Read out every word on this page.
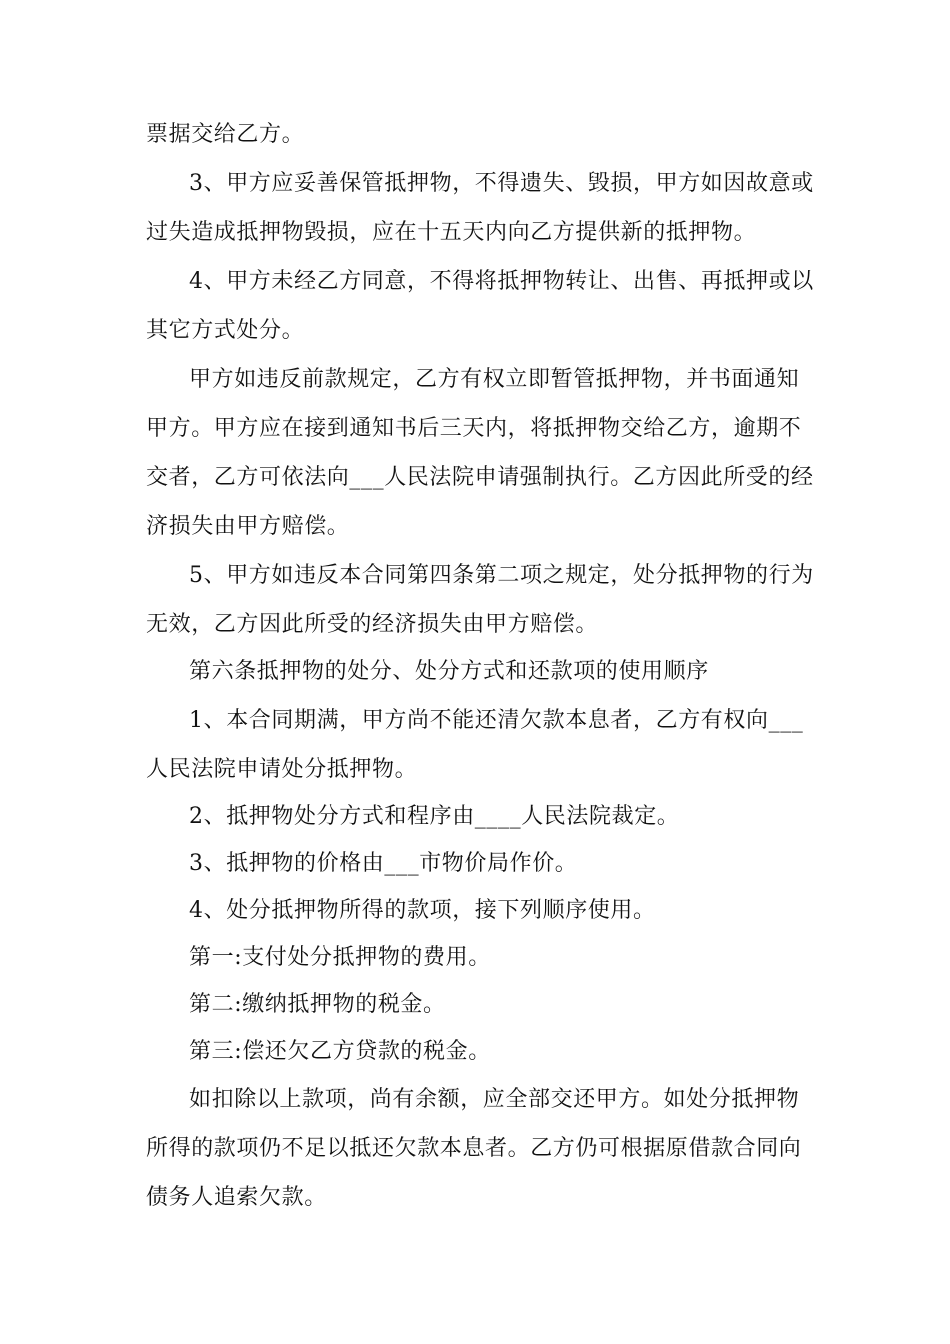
票据交给乙方。
3、甲方应妥善保管抵押物，不得遗失、毁损，甲方如因故意或
过失造成抵押物毁损，应在十五天内向乙方提供新的抵押物。
4、甲方未经乙方同意，不得将抵押物转让、出售、再抵押或以
其它方式处分。
甲方如违反前款规定，乙方有权立即暂管抵押物，并书面通知
甲方。甲方应在接到通知书后三天内，将抵押物交给乙方，逾期不
交者，乙方可依法向___人民法院申请强制执行。乙方因此所受的经
济损失由甲方赔偿。
5、甲方如违反本合同第四条第二项之规定，处分抵押物的行为
无效，乙方因此所受的经济损失由甲方赔偿。
第六条抵押物的处分、处分方式和还款项的使用顺序
1、本合同期满，甲方尚不能还清欠款本息者，乙方有权向___
人民法院申请处分抵押物。
2、抵押物处分方式和程序由____人民法院裁定。
3、抵押物的价格由___市物价局作价。
4、处分抵押物所得的款项，接下列顺序使用。
第一:支付处分抵押物的费用。
第二:缴纳抵押物的税金。
第三:偿还欠乙方贷款的税金。
如扣除以上款项，尚有余额，应全部交还甲方。如处分抵押物
所得的款项仍不足以抵还欠款本息者。乙方仍可根据原借款合同向
债务人追索欠款。
